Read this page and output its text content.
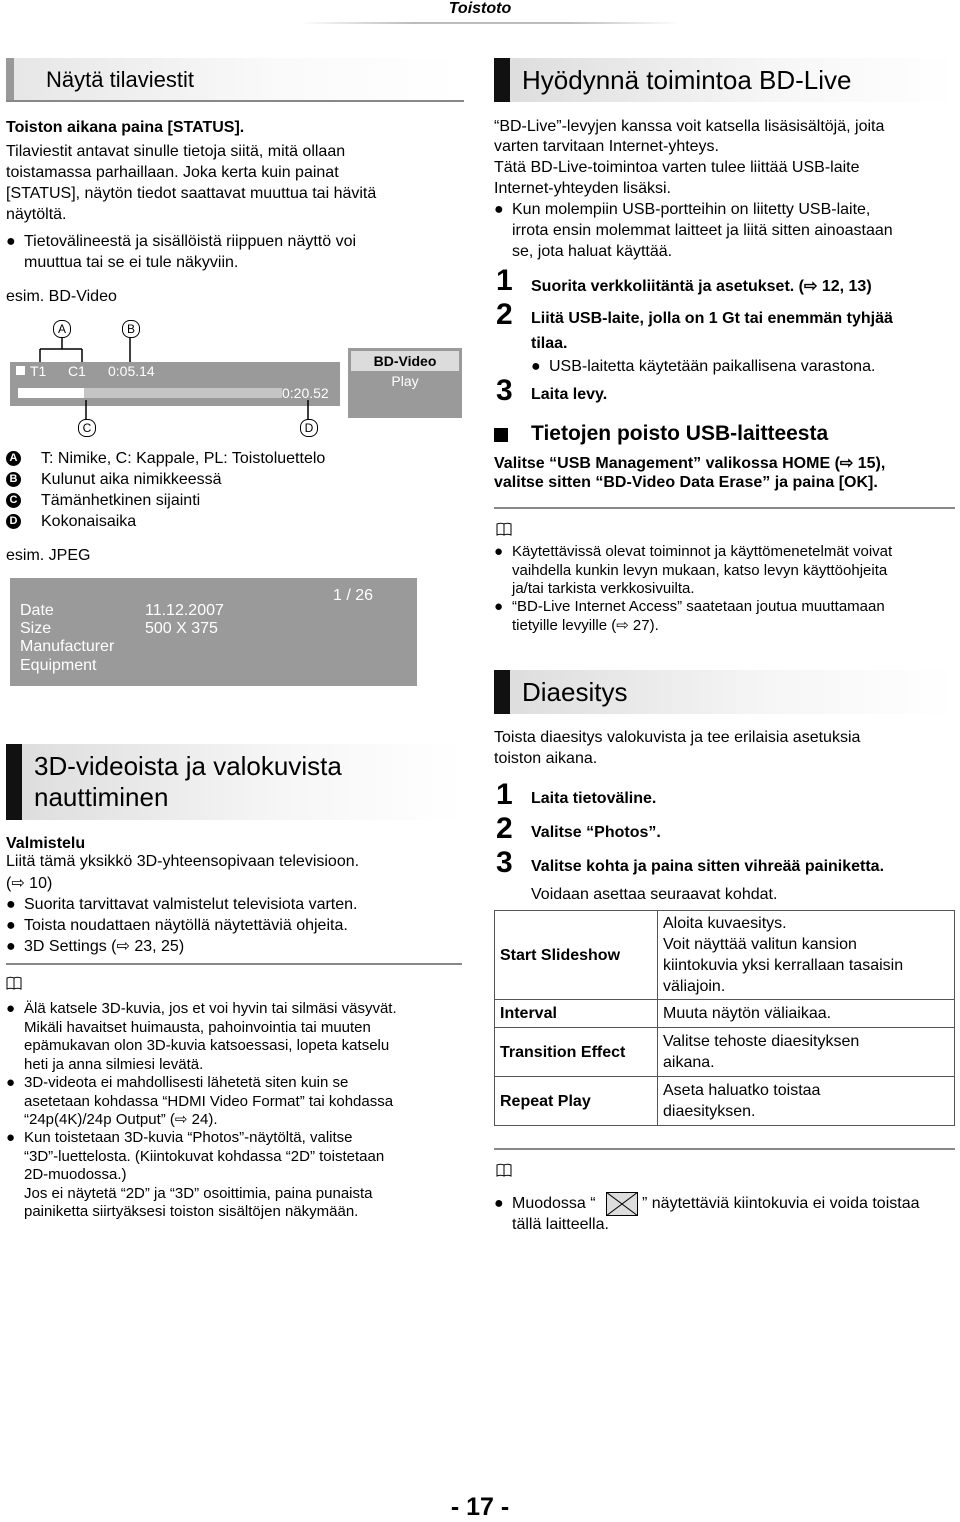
Toistoto
Näytä tilaviestit
Toiston aikana paina [STATUS].
Tilaviestit antavat sinulle tietoja siitä, mitä ollaan
toistamassa parhaillaan. Joka kerta kuin painat
[STATUS], näytön tiedot saattavat muuttua tai hävitä
näytöltä.
● Tietovälineestä ja sisällöistä riippuen näyttö voi
muuttua tai se ei tule näkyviin.
esim. BD-Video
A	B
T1 C1 0:05.14
0:20.52
BD-Video
Play
C	D
A T: Nimike, C: Kappale, PL: Toistoluettelo
B Kulunut aika nimikkeessä
C Tämänhetkinen sijainti
D Kokonaisaika
esim. JPEG
1 / 26
Date	11.12.2007
Size	500 X 375
Manufacturer
Equipment
3D-videoista ja valokuvista
nauttiminen
Valmistelu
Liitä tämä yksikkö 3D-yhteensopivaan televisioon.
(⇨ 10)
● Suorita tarvittavat valmistelut televisiota varten.
● Toista noudattaen näytöllä näytettäviä ohjeita.
● 3D Settings (⇨ 23, 25)
● Älä katsele 3D-kuvia, jos et voi hyvin tai silmäsi väsyvät.
Mikäli havaitset huimausta, pahoinvointia tai muuten
epämukavan olon 3D-kuvia katsoessasi, lopeta katselu
heti ja anna silmiesi levätä.
● 3D-videota ei mahdollisesti lähetetä siten kuin se
asetetaan kohdassa “HDMI Video Format” tai kohdassa
“24p(4K)/24p Output” (⇨ 24).
● Kun toistetaan 3D-kuvia “Photos”-näytöltä, valitse
“3D”-luettelosta. (Kiintokuvat kohdassa “2D” toistetaan
2D-muodossa.)
Jos ei näytetä “2D” ja “3D” osoittimia, paina punaista
painiketta siirtyäksesi toiston sisältöjen näkymään.
Hyödynnä toimintoa BD-Live
“BD-Live”-levyjen kanssa voit katsella lisäsisältöjä, joita
varten tarvitaan Internet-yhteys.
Tätä BD-Live-toimintoa varten tulee liittää USB-laite
Internet-yhteyden lisäksi.
● Kun molempiin USB-portteihin on liitetty USB-laite,
irrota ensin molemmat laitteet ja liitä sitten ainoastaan
se, jota haluat käyttää.
1 Suorita verkkoliitäntä ja asetukset. (⇨ 12, 13)
2 Liitä USB-laite, jolla on 1 Gt tai enemmän tyhjää
tilaa.
● USB-laitetta käytetään paikallisena varastona.
3 Laita levy.
Tietojen poisto USB-laitteesta
Valitse “USB Management” valikossa HOME (⇨ 15),
valitse sitten “BD-Video Data Erase” ja paina [OK].
● Käytettävissä olevat toiminnot ja käyttömenetelmät voivat
vaihdella kunkin levyn mukaan, katso levyn käyttöohjeita
ja/tai tarkista verkkosivuilta.
● “BD-Live Internet Access” saatetaan joutua muuttamaan
tietyille levyille (⇨ 27).
Diaesitys
Toista diaesitys valokuvista ja tee erilaisia asetuksia
toiston aikana.
1 Laita tietoväline.
2 Valitse “Photos”.
3 Valitse kohta ja paina sitten vihreää painiketta.
Voidaan asettaa seuraavat kohdat.
Start Slideshow	Aloita kuvaesitys.
Voit näyttää valitun kansion
kiintokuvia yksi kerrallaan tasaisin
väliajoin.

Interval	Muuta näytön väliaikaa.

Transition Effect	Valitse tehoste diaesityksen
aikana.

Repeat Play	Aseta haluatko toistaa
diaesityksen.
● Muodossa “
tällä laitteella.
” näytettäviä kiintokuvia ei voida toistaa
- 17 -
